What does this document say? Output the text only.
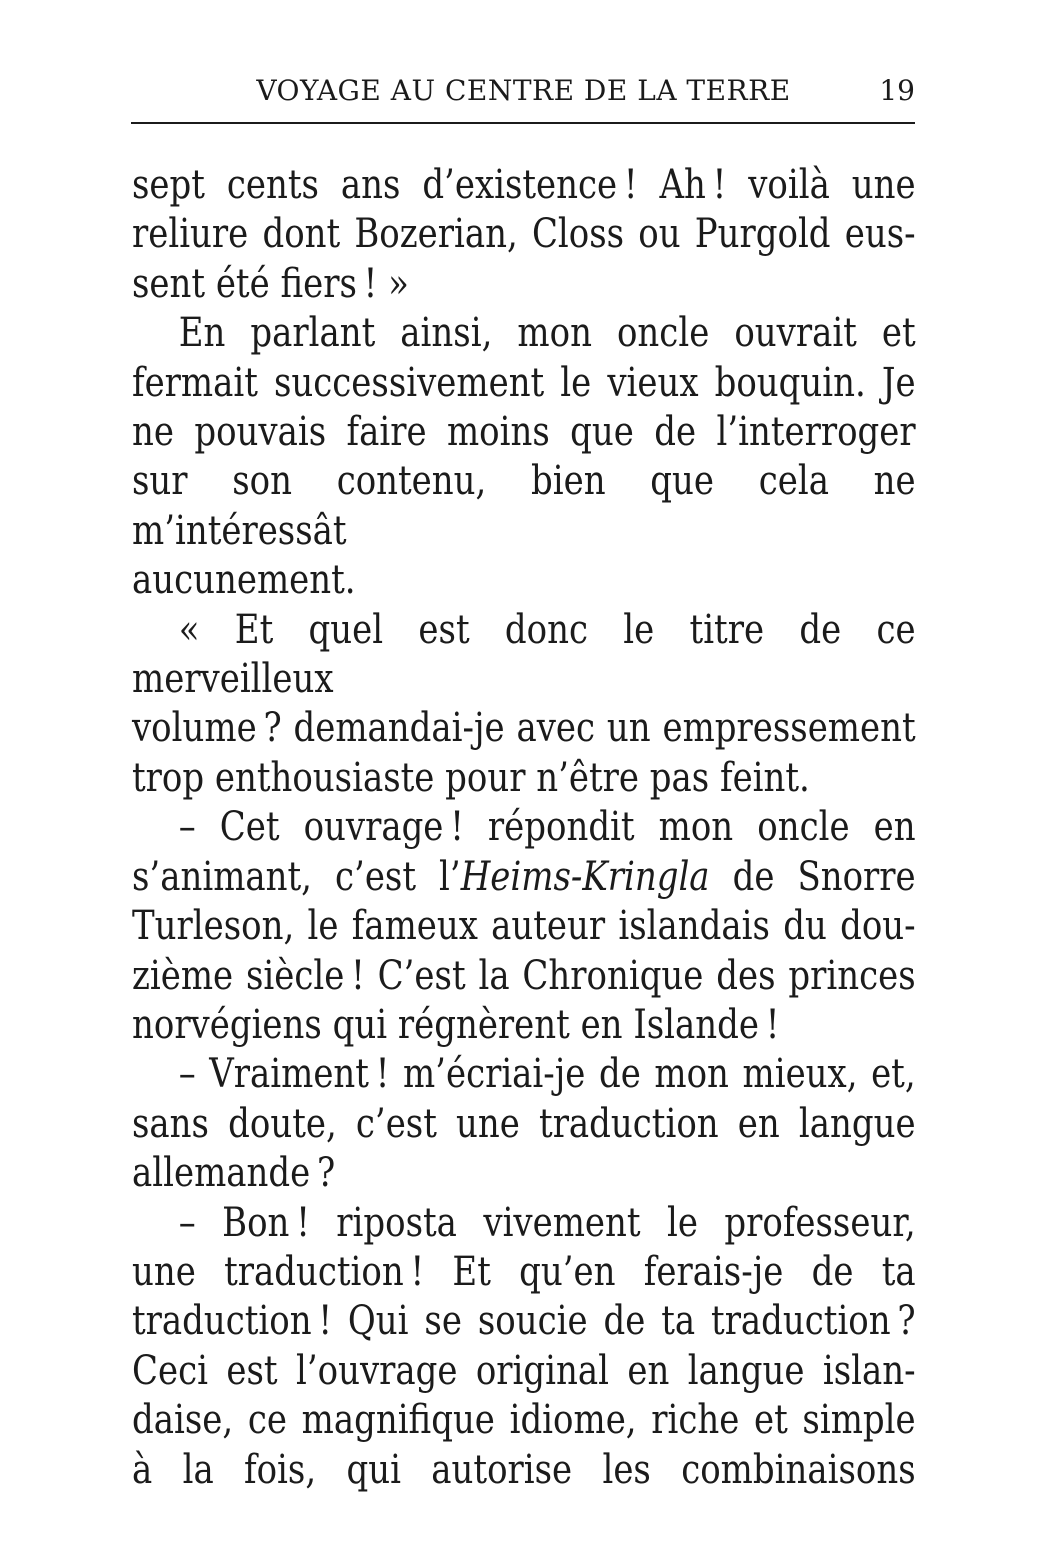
VOYAGE AU CENTRE DE LA TERRE	19
sept cents ans d’existence ! Ah ! voilà une
reliure dont Bozerian, Closs ou Purgold eus-
sent été fiers ! »
En parlant ainsi, mon oncle ouvrait et
fermait successivement le vieux bouquin. Je
ne pouvais faire moins que de l’interroger
sur son contenu, bien que cela ne m’intéressât
aucunement.
« Et quel est donc le titre de ce merveilleux
volume ? demandai-je avec un empressement
trop enthousiaste pour n’être pas feint.
– Cet ouvrage ! répondit mon oncle en
s’animant, c’est l’Heims-Kringla de Snorre
Turleson, le fameux auteur islandais du dou-
zième siècle ! C’est la Chronique des princes
norvégiens qui régnèrent en Islande !
– Vraiment ! m’écriai-je de mon mieux, et,
sans doute, c’est une traduction en langue
allemande ?
– Bon ! riposta vivement le professeur,
une traduction ! Et qu’en ferais-je de ta
traduction ! Qui se soucie de ta traduction ?
Ceci est l’ouvrage original en langue islan-
daise, ce magnifique idiome, riche et simple
à la fois, qui autorise les combinaisons
